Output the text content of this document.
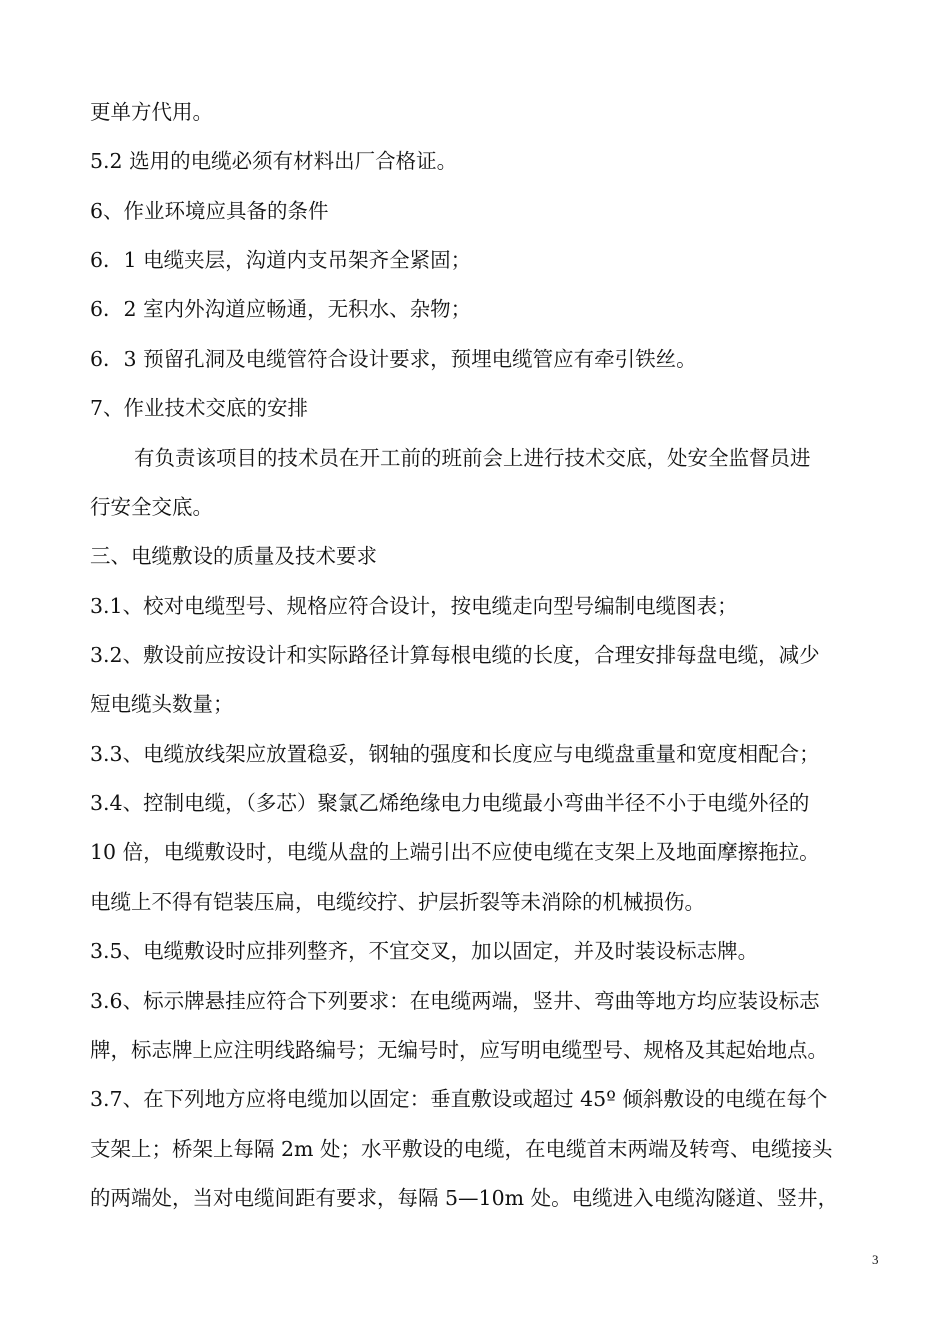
更单方代用。
5.2 选用的电缆必须有材料出厂合格证。
6、作业环境应具备的条件
6．1 电缆夹层，沟道内支吊架齐全紧固；
6．2 室内外沟道应畅通，无积水、杂物；
6．3 预留孔洞及电缆管符合设计要求，预埋电缆管应有牵引铁丝。
7、作业技术交底的安排
有负责该项目的技术员在开工前的班前会上进行技术交底，处安全监督员进
行安全交底。
三、电缆敷设的质量及技术要求
3.1、校对电缆型号、规格应符合设计，按电缆走向型号编制电缆图表；
3.2、敷设前应按设计和实际路径计算每根电缆的长度，合理安排每盘电缆，减少
短电缆头数量；
3.3、电缆放线架应放置稳妥，钢轴的强度和长度应与电缆盘重量和宽度相配合；
3.4、控制电缆，（多芯）聚氯乙烯绝缘电力电缆最小弯曲半径不小于电缆外径的
10 倍，电缆敷设时，电缆从盘的上端引出不应使电缆在支架上及地面摩擦拖拉。
电缆上不得有铠装压扁，电缆绞拧、护层折裂等未消除的机械损伤。
3.5、电缆敷设时应排列整齐，不宜交叉，加以固定，并及时装设标志牌。
3.6、标示牌悬挂应符合下列要求：在电缆两端，竖井、弯曲等地方均应装设标志
牌，标志牌上应注明线路编号；无编号时，应写明电缆型号、规格及其起始地点。
3.7、在下列地方应将电缆加以固定：垂直敷设或超过 45º 倾斜敷设的电缆在每个
支架上；桥架上每隔 2m 处；水平敷设的电缆，在电缆首末两端及转弯、电缆接头
的两端处，当对电缆间距有要求，每隔 5—10m 处。电缆进入电缆沟隧道、竖井，
3
